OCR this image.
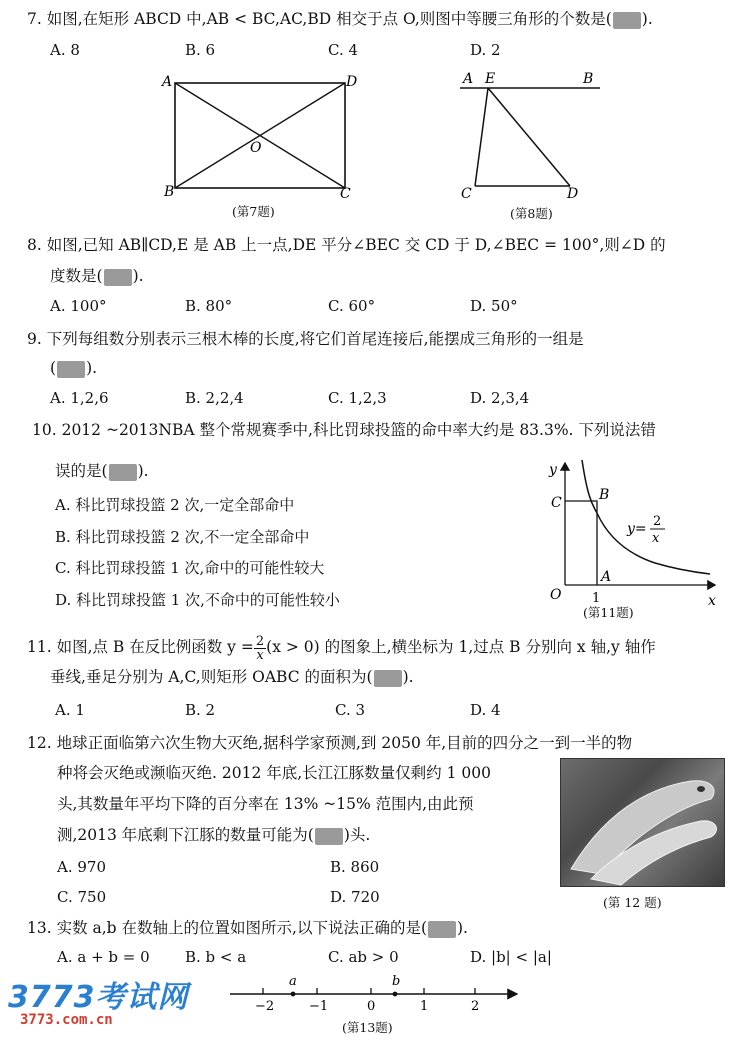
7. 如图,在矩形 ABCD 中,AB < BC,AC,BD 相交于点 O,则图中等腰三角形的个数是( ).
A. 8	B. 6	C. 4	D. 2
A	D
B	C
O
(第7题)
A E	B
C	D
(第8题)
8. 如图,已知 AB∥CD,E 是 AB 上一点,DE 平分∠BEC 交 CD 于 D,∠BEC = 100°,则∠D 的
度数是( ).
A. 100°	B. 80°	C. 60°	D. 50°
9. 下列每组数分别表示三根木棒的长度,将它们首尾连接后,能摆成三角形的一组是
( ).
A. 1,2,6	B. 2,2,4	C. 1,2,3	D. 2,3,4
10. 2012 ~2013NBA 整个常规赛季中,科比罚球投篮的命中率大约是 83.3%. 下列说法错
误的是( ).
A. 科比罚球投篮 2 次,一定全部命中
B. 科比罚球投篮 2 次,不一定全部命中
C. 科比罚球投篮 1 次,命中的可能性较大
D. 科比罚球投篮 1 次,不命中的可能性较小
y
x
O 1
A
B
C
y= 2
x
(第11题)
11. 如图,点 B 在反比例函数 $y = \frac{2}{x} (x > 0)$ 的图象上,横坐标为 1,过点 B 分别向 x 轴,y 轴作
垂线,垂足分别为 A,C,则矩形 OABC 的面积为( ).
A. 1	B. 2	C. 3	D. 4
12. 地球正面临第六次生物大灭绝,据科学家预测,到 2050 年,目前的四分之一到一半的物
种将会灭绝或濒临灭绝. 2012 年底,长江江豚数量仅剩约 1 000
头,其数量年平均下降的百分率在 13% ~15% 范围内,由此预
测,2013 年底剩下江豚的数量可能为( )头.
A. 970	B. 860
C. 750	D. 720	(第 12 题)
13. 实数 a,b 在数轴上的位置如图所示,以下说法正确的是( ).
A. a + b = 0 B. b < a	C. ab > 0	D. |b| < |a|
a	b
−2	−1	0	1	2
(第13题)
3773考试网
3773.com.cn
